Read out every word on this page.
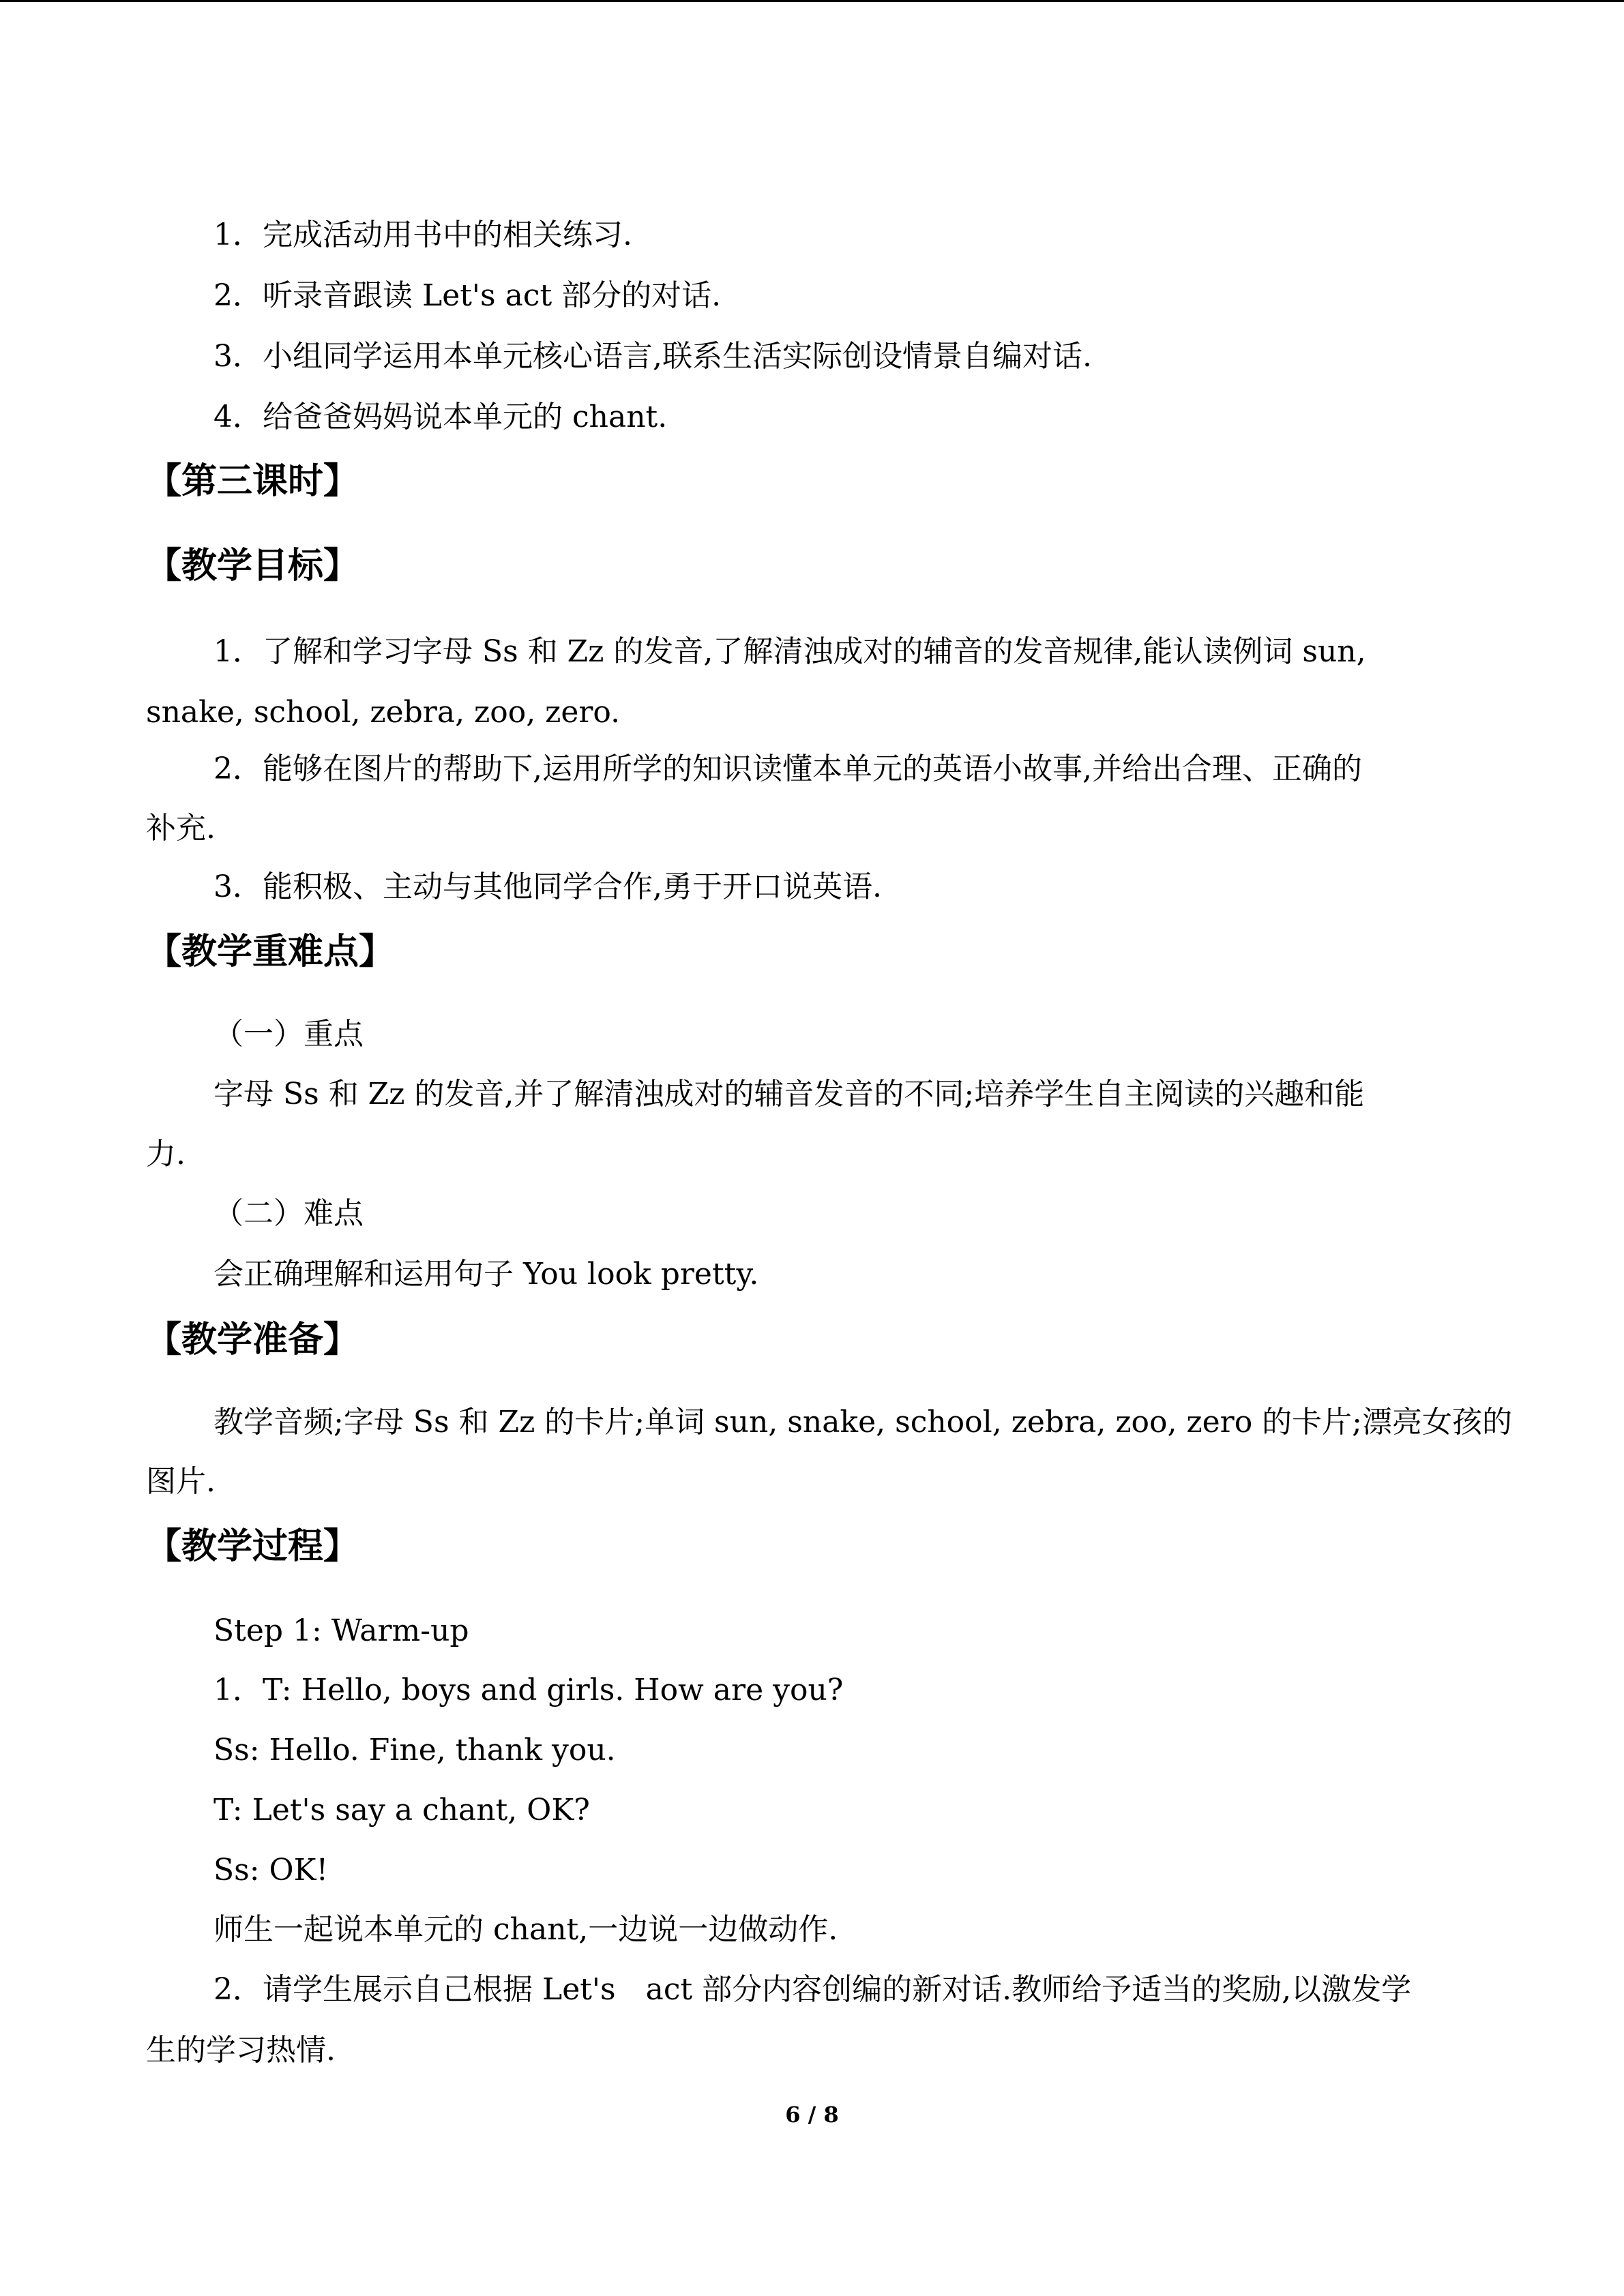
1．完成活动用书中的相关练习.

2．听录音跟读 Let's act 部分的对话.

3．小组同学运用本单元核心语言,联系生活实际创设情景自编对话.

4．给爸爸妈妈说本单元的 chant.

【第三课时】
【教学目标】

1．了解和学习字母 Ss 和 Zz 的发音,了解清浊成对的辅音的发音规律,能认读例词 sun,

snake, school, zebra, zoo, zero.

2．能够在图片的帮助下,运用所学的知识读懂本单元的英语小故事,并给出合理、正确的

补充.

3．能积极、主动与其他同学合作,勇于开口说英语.

【教学重难点】

（一）重点

字母 Ss 和 Zz 的发音,并了解清浊成对的辅音发音的不同;培养学生自主阅读的兴趣和能

力.

（二）难点

会正确理解和运用句子 You look pretty.

【教学准备】

教学音频;字母 Ss 和 Zz 的卡片;单词 sun, snake, school, zebra, zoo, zero 的卡片;漂亮女孩的

图片.

【教学过程】

Step 1: Warm-up

1．T: Hello, boys and girls. How are you?

Ss: Hello. Fine, thank you.

T: Let's say a chant, OK?

Ss: OK!

师生一起说本单元的 chant,一边说一边做动作.

2．请学生展示自己根据 Let's　act 部分内容创编的新对话.教师给予适当的奖励,以激发学

生的学习热情.

6 / 8
